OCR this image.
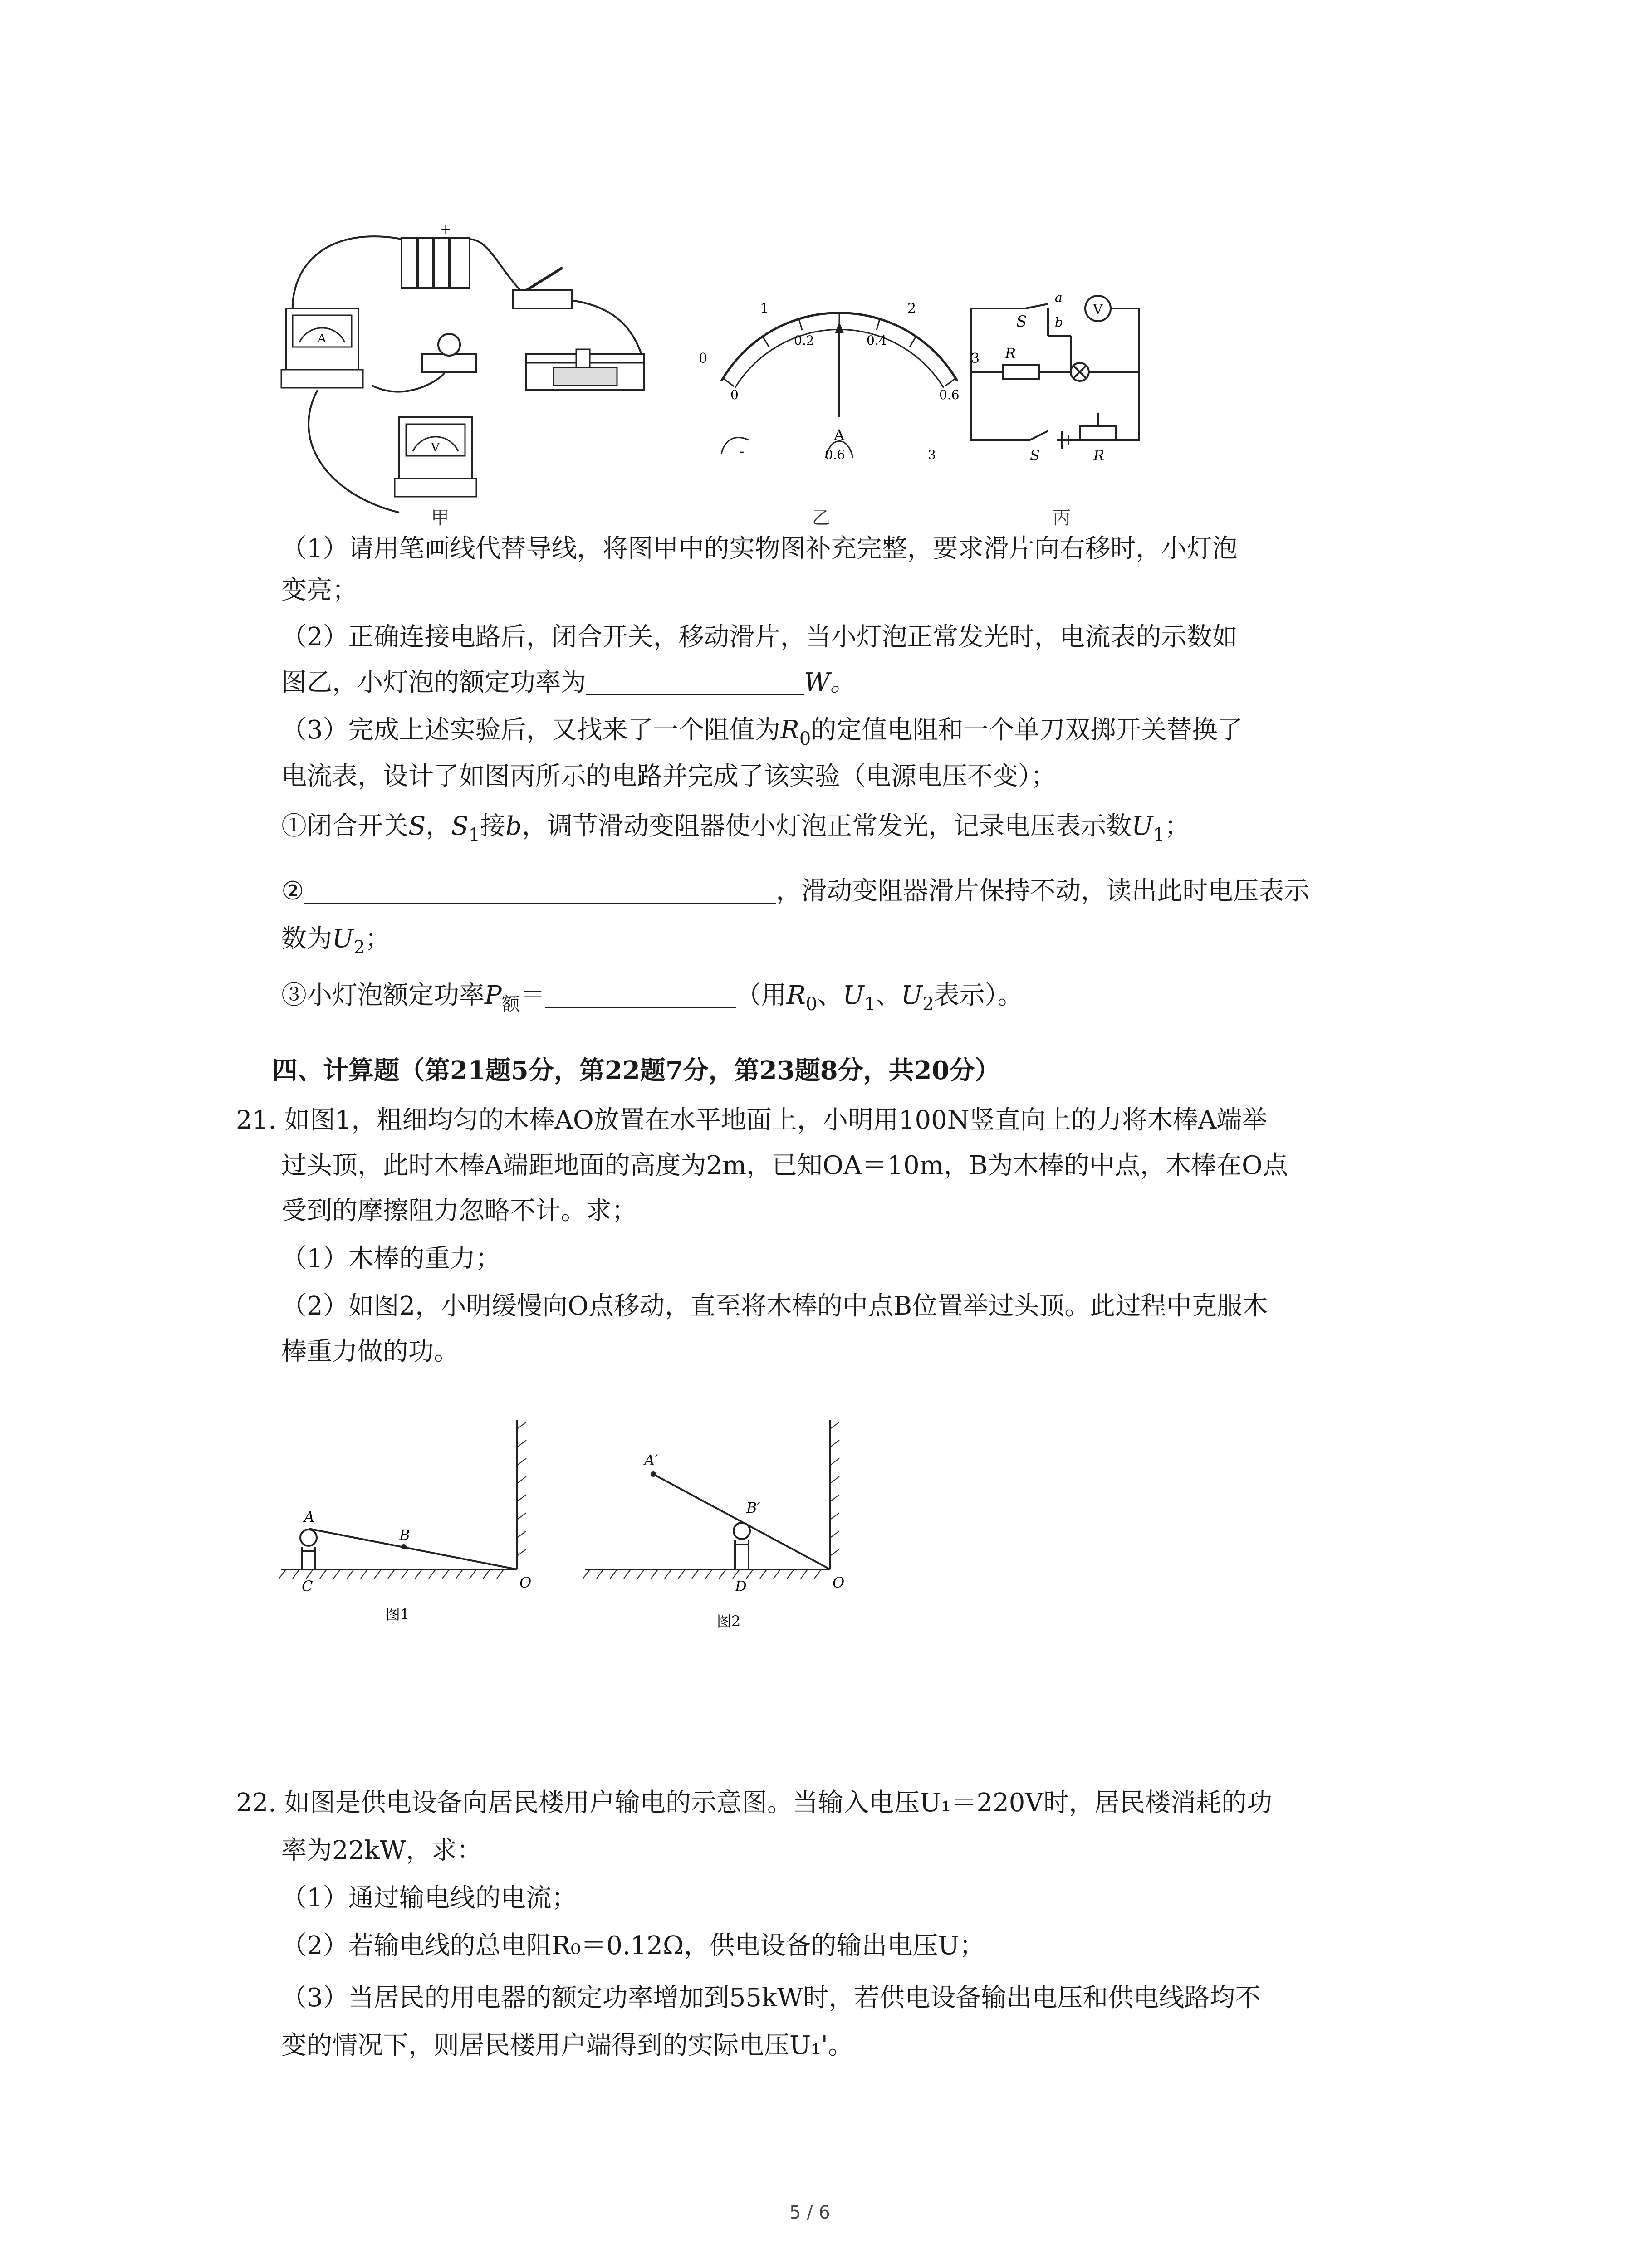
+
A
V
0
1	2
3
0
0.2	0.4
0.6
A
-	0.6	3
V
S
a
b
R
S	R
甲	乙	丙
（1）请用笔画线代替导线，将图甲中的实物图补充完整，要求滑片向右移时，小灯泡
变亮；
（2）正确连接电路后，闭合开关，移动滑片，当小灯泡正常发光时，电流表的示数如
图乙，小灯泡的额定功率为	W。
（3）完成上述实验后，又找来了一个阻值为$R_0$的定值电阻和一个单刀双掷开关替换了
电流表，设计了如图丙所示的电路并完成了该实验（电源电压不变）；
①闭合开关S，$S_1$接b，调节滑动变阻器使小灯泡正常发光，记录电压表示数$U_1$；
②	，滑动变阻器滑片保持不动，读出此时电压表示
数为$U_2$；
③小灯泡额定功率$P_额=$	（用$R_0$、$U_1$、$U_2$表示）。
四、计算题（第21题5分，第22题7分，第23题8分，共20分）
21. 如图1，粗细均匀的木棒AO放置在水平地面上，小明用100N竖直向上的力将木棒A端举
过头顶，此时木棒A端距地面的高度为2m，已知OA＝10m，B为木棒的中点，木棒在O点
受到的摩擦阻力忽略不计。求；
（1）木棒的重力；
（2）如图2，小明缓慢向O点移动，直至将木棒的中点B位置举过头顶。此过程中克服木
棒重力做的功。
A
B
C	O
图1
A′
B′
D	O
图2
22. 如图是供电设备向居民楼用户输电的示意图。当输入电压U₁＝220V时，居民楼消耗的功
率为22kW，求：
（1）通过输电线的电流；
（2）若输电线的总电阻R₀＝0.12Ω，供电设备的输出电压U；
（3）当居民的用电器的额定功率增加到55kW时，若供电设备输出电压和供电线路均不
变的情况下，则居民楼用户端得到的实际电压U₁'。
5 / 6
